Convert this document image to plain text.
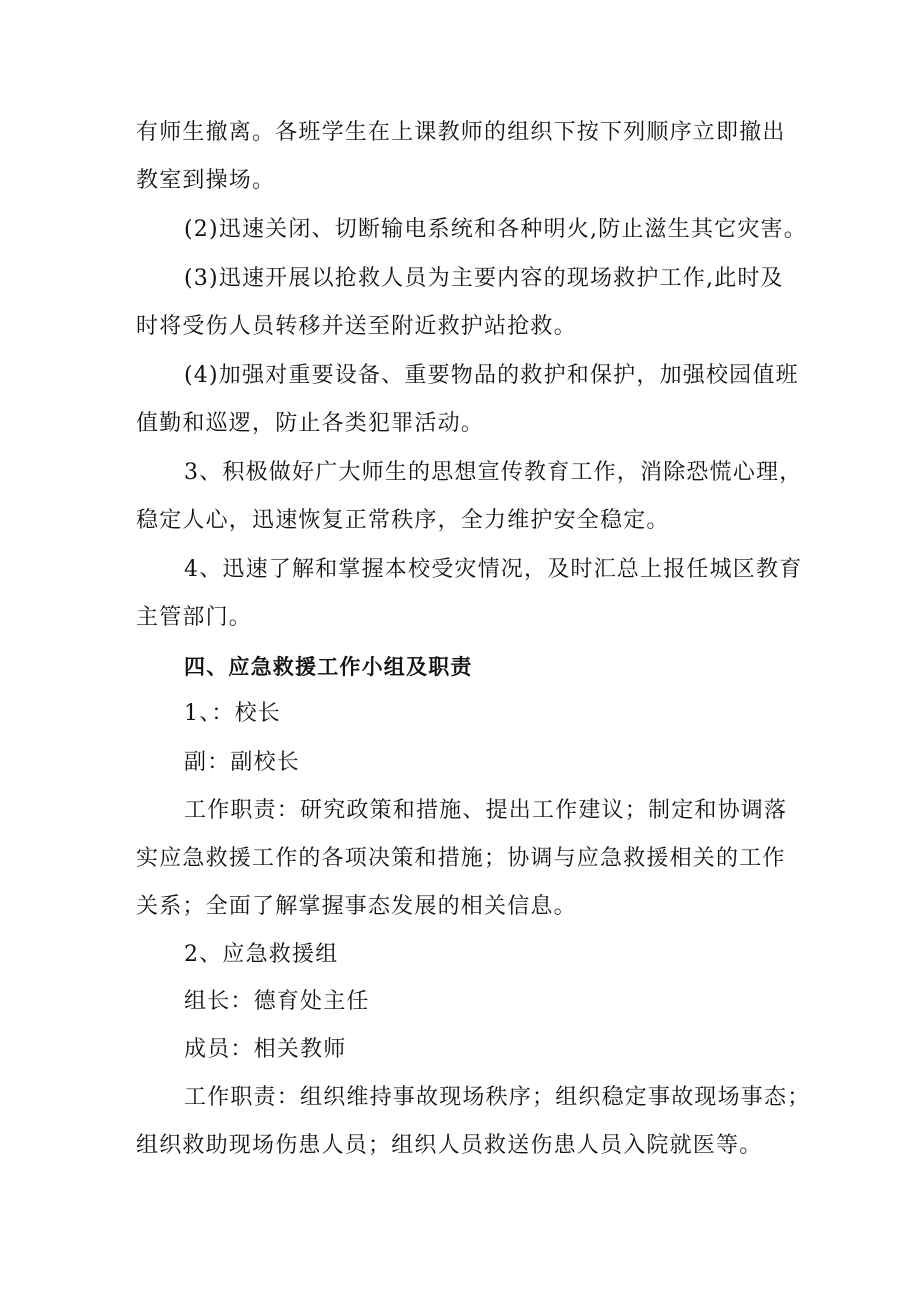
有师生撤离。各班学生在上课教师的组织下按下列顺序立即撤出
教室到操场。
(2)迅速关闭、切断输电系统和各种明火,防止滋生其它灾害。
(3)迅速开展以抢救人员为主要内容的现场救护工作,此时及
时将受伤人员转移并送至附近救护站抢救。
(4)加强对重要设备、重要物品的救护和保护，加强校园值班
值勤和巡逻，防止各类犯罪活动。
3、积极做好广大师生的思想宣传教育工作，消除恐慌心理，
稳定人心，迅速恢复正常秩序，全力维护安全稳定。
4、迅速了解和掌握本校受灾情况，及时汇总上报任城区教育
主管部门。
四、应急救援工作小组及职责
1、：校长
副：副校长
工作职责：研究政策和措施、提出工作建议；制定和协调落
实应急救援工作的各项决策和措施；协调与应急救援相关的工作
关系；全面了解掌握事态发展的相关信息。
2、应急救援组
组长：德育处主任
成员：相关教师
工作职责：组织维持事故现场秩序；组织稳定事故现场事态；
组织救助现场伤患人员；组织人员救送伤患人员入院就医等。
